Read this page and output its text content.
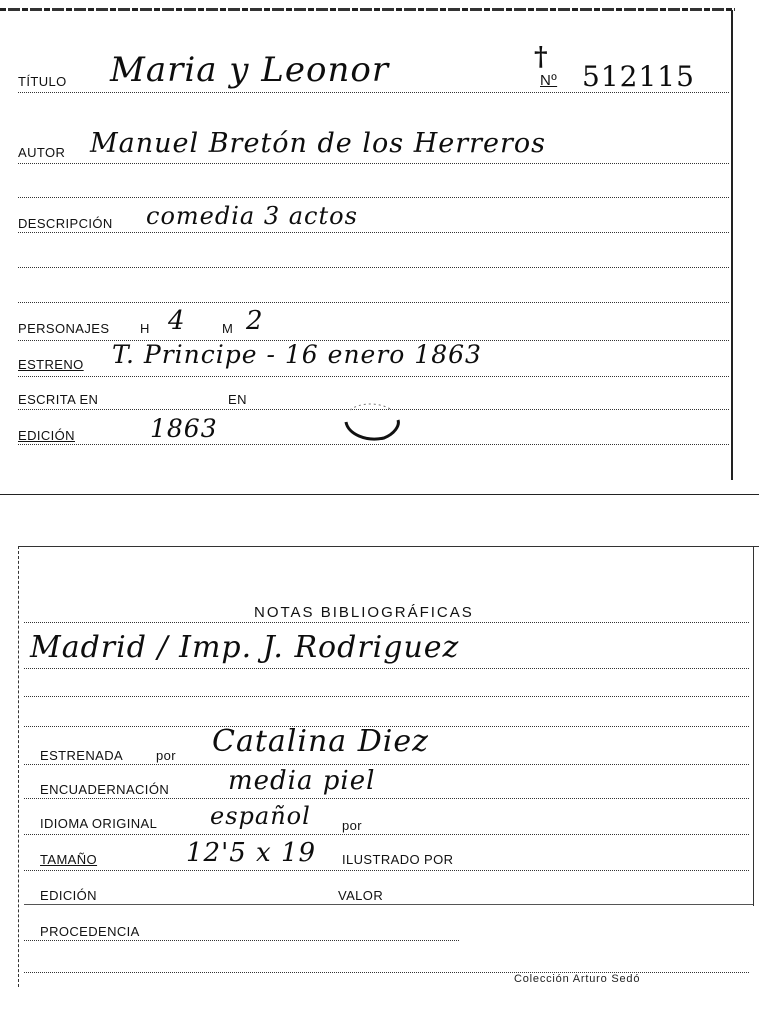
TÍTULO Maria y Leonor	†
Nº 512115
AUTOR Manuel Bretón de los Herreros
DESCRIPCIÓN comedia 3 actos
PERSONAJES H 4	M 2
ESTRENO T. Principe - 16 enero 1863
ESCRITA EN	EN
EDICIÓN	1863
NOTAS BIBLIOGRÁFICAS
Madrid / Imp. J. Rodriguez
ESTRENADA	por Catalina Diez
ENCUADERNACIÓN media piel
IDIOMA ORIGINAL español por
TAMAÑO	12'5 x 19 ILUSTRADO POR
EDICIÓN	VALOR
PROCEDENCIA
Colección Arturo Sedó
